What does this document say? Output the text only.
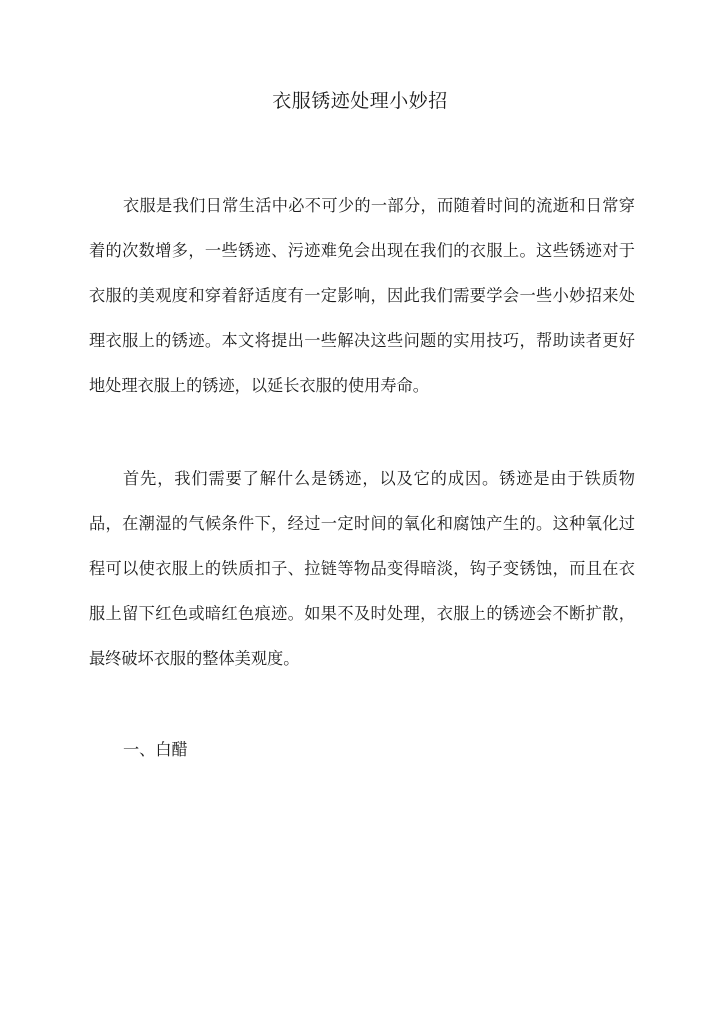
衣服锈迹处理小妙招

衣服是我们日常生活中必不可少的一部分，而随着时间的流逝和日常穿着的次数增多，一些锈迹、污迹难免会出现在我们的衣服上。这些锈迹对于衣服的美观度和穿着舒适度有一定影响，因此我们需要学会一些小妙招来处理衣服上的锈迹。本文将提出一些解决这些问题的实用技巧，帮助读者更好地处理衣服上的锈迹，以延长衣服的使用寿命。

首先，我们需要了解什么是锈迹，以及它的成因。锈迹是由于铁质物品，在潮湿的气候条件下，经过一定时间的氧化和腐蚀产生的。这种氧化过程可以使衣服上的铁质扣子、拉链等物品变得暗淡，钩子变锈蚀，而且在衣服上留下红色或暗红色痕迹。如果不及时处理，衣服上的锈迹会不断扩散，最终破坏衣服的整体美观度。

一、白醋
